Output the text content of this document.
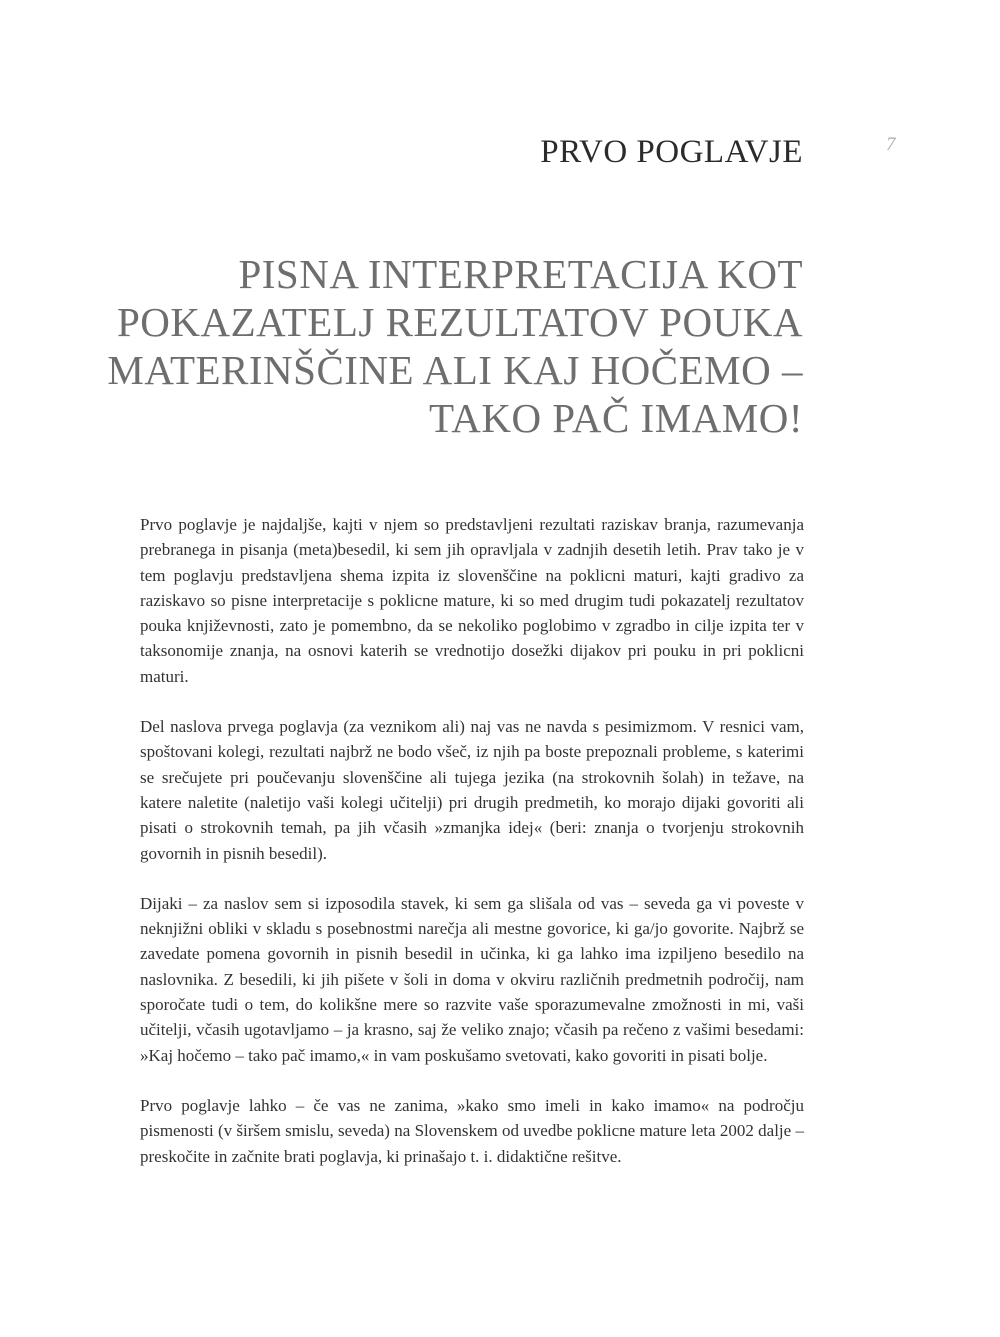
7
PRVO POGLAVJE
PISNA INTERPRETACIJA KOT
POKAZATELJ REZULTATOV POUKA
MATERINŠČINE ALI KAJ HOČEMO –
TAKO PAČ IMAMO!

Prvo poglavje je najdaljše, kajti v njem so predstavljeni rezultati raziskav branja, razumevanja prebranega in pisanja (meta)besedil, ki sem jih opravljala v zadnjih desetih letih. Prav tako je v tem poglavju predstavljena shema izpita iz slovenščine na poklicni maturi, kajti gradivo za raziskavo so pisne interpretacije s poklicne mature, ki so med drugim tudi pokazatelj rezultatov pouka književnosti, zato je pomembno, da se nekoliko poglobimo v zgradbo in cilje izpita ter v taksonomije znanja, na osnovi katerih se vrednotijo dosežki dijakov pri pouku in pri poklicni maturi.

Del naslova prvega poglavja (za veznikom ali) naj vas ne navda s pesimizmom. V resnici vam, spoštovani kolegi, rezultati najbrž ne bodo všeč, iz njih pa boste prepoznali probleme, s katerimi se srečujete pri poučevanju slovenščine ali tujega jezika (na strokovnih šolah) in težave, na katere naletite (naletijo vaši kolegi učitelji) pri drugih predmetih, ko morajo dijaki govoriti ali pisati o strokovnih temah, pa jih včasih »zmanjka idej« (beri: znanja o tvorjenju strokovnih govornih in pisnih besedil).

Dijaki – za naslov sem si izposodila stavek, ki sem ga slišala od vas – seveda ga vi poveste v neknjižni obliki v skladu s posebnostmi narečja ali mestne govorice, ki ga/jo govorite. Najbrž se zavedate pomena govornih in pisnih besedil in učinka, ki ga lahko ima izpiljeno besedilo na naslovnika. Z besedili, ki jih pišete v šoli in doma v okviru različnih predmetnih področij, nam sporočate tudi o tem, do kolikšne mere so razvite vaše sporazumevalne zmožnosti in mi, vaši učitelji, včasih ugotavljamo – ja krasno, saj že veliko znajo; včasih pa rečeno z vašimi besedami: »Kaj hočemo – tako pač imamo,« in vam poskušamo svetovati, kako govoriti in pisati bolje.

Prvo poglavje lahko – če vas ne zanima, »kako smo imeli in kako imamo« na področju pismenosti (v širšem smislu, seveda) na Slovenskem od uvedbe poklicne mature leta 2002 dalje – preskočite in začnite brati poglavja, ki prinašajo t. i. didaktične rešitve.
